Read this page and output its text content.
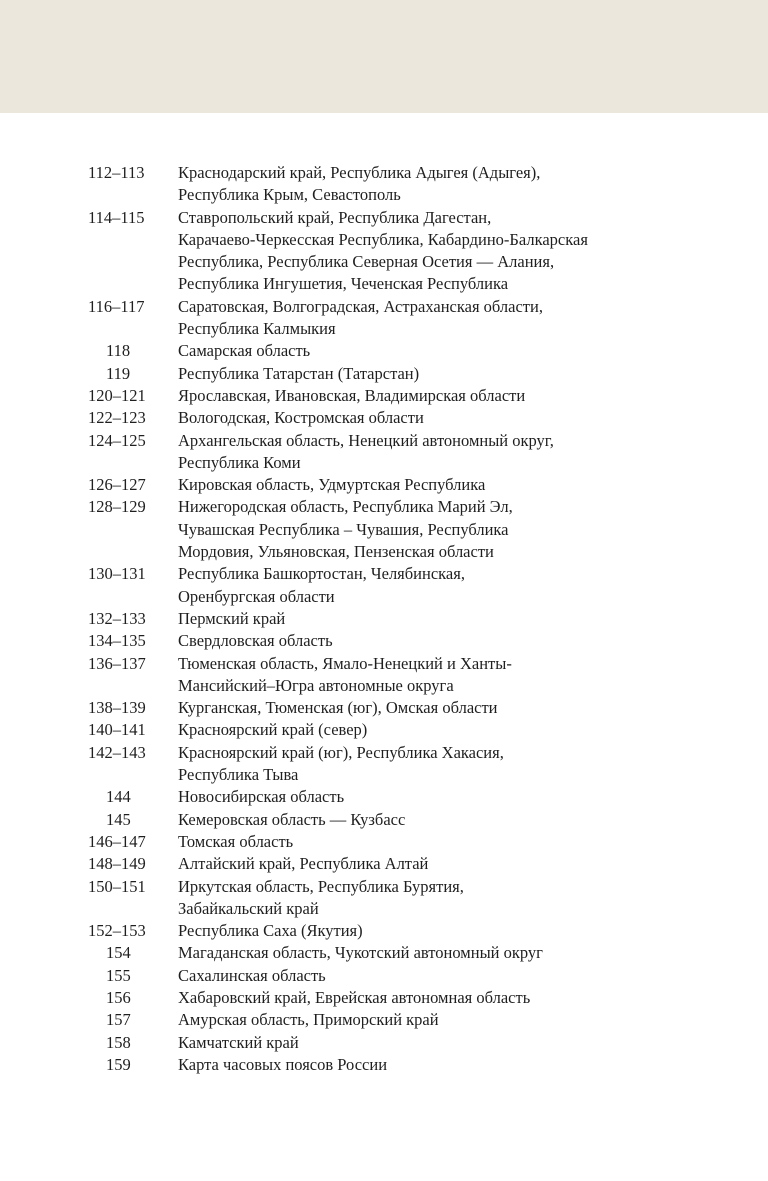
112–113	Краснодарский край, Республика Адыгея (Адыгея),
Республика Крым, Севастополь
114–115	Ставропольский край, Республика Дагестан,
Карачаево-Черкесская Республика, Кабардино-Балкарская
Республика, Республика Северная Осетия — Алания,
Республика Ингушетия, Чеченская Республика
116–117	Саратовская, Волгоградская, Астраханская области,
Республика Калмыкия
118	Самарская область
119	Республика Татарстан (Татарстан)
120–121	Ярославская, Ивановская, Владимирская области
122–123	Вологодская, Костромская области
124–125	Архангельская область, Ненецкий автономный округ,
Республика Коми
126–127	Кировская область, Удмуртская Республика
128–129	Нижегородская область, Республика Марий Эл,
Чувашская Республика – Чувашия, Республика
Мордовия, Ульяновская, Пензенская области
130–131	Республика Башкортостан, Челябинская,
Оренбургская области
132–133	Пермский край
134–135	Свердловская область
136–137	Тюменская область, Ямало-Ненецкий и Ханты-
Мансийский–Югра автономные округа
138–139	Курганская, Тюменская (юг), Омская области
140–141	Красноярский край (север)
142–143	Красноярский край (юг), Республика Хакасия,
Республика Тыва
144	Новосибирская область
145	Кемеровская область — Кузбасс
146–147	Томская область
148–149	Алтайский край, Республика Алтай
150–151	Иркутская область, Республика Бурятия,
Забайкальский край
152–153	Республика Саха (Якутия)
154	Магаданская область, Чукотский автономный округ
155	Сахалинская область
156	Хабаровский край, Еврейская автономная область
157	Амурская область, Приморский край
158	Камчатский край
159	Карта часовых поясов России
